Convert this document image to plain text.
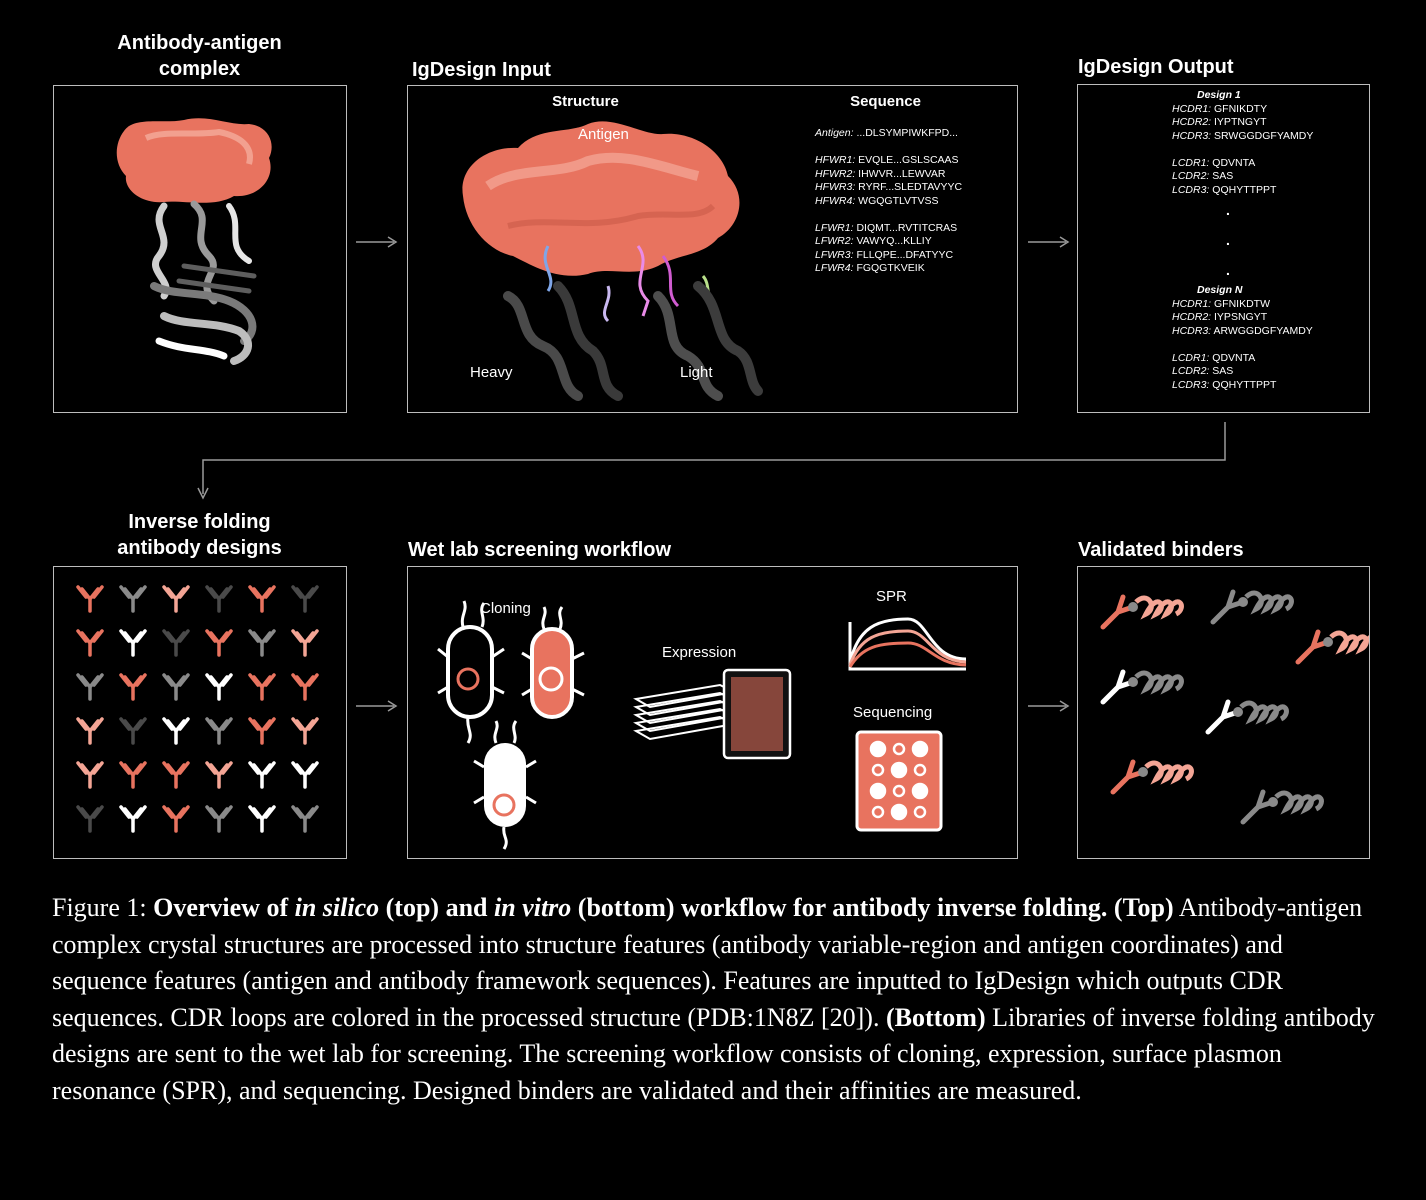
Antibody-antigen
complex	IgDesign Input
Structure	Sequence
Antigen
Heavy	Light
Antigen: ...DLSYMPIWKFPD...
HFWR1: EVQLE...GSLSCAAS
HFWR2: IHWVR...LEWVAR
HFWR3: RYRF...SLEDTAVYYC
HFWR4: WGQGTLVTVSS
LFWR1: DIQMT...RVTITCRAS
LFWR2: VAWYQ...KLLIY
LFWR3: FLLQPE...DFATYYC
LFWR4: FGQGTKVEIK
IgDesign Output
Design 1
HCDR1: GFNIKDTY
HCDR2: IYPTNGYT
HCDR3: SRWGGDGFYAMDY
LCDR1: QDVNTA
LCDR2: SAS
LCDR3: QQHYTTPPT
.
.
.
Design N
HCDR1: GFNIKDTW
HCDR2: IYPSNGYT
HCDR3: ARWGGDGFYAMDY
LCDR1: QDVNTA
LCDR2: SAS
LCDR3: QQHYTTPPT
Inverse folding
antibody designs	Wet lab screening workflow
Cloning
Expression
SPR
Sequencing
Validated binders
Figure 1: Overview of in silico (top) and in vitro (bottom) workflow for antibody inverse folding. (Top) Antibody-antigen complex crystal structures are processed into structure features (antibody variable-region and antigen coordinates) and sequence features (antigen and antibody framework sequences). Features are inputted to IgDesign which outputs CDR sequences. CDR loops are colored in the processed structure (PDB:1N8Z [20]). (Bottom) Libraries of inverse folding antibody designs are sent to the wet lab for screening. The screening workflow consists of cloning, expression, surface plasmon resonance (SPR), and sequencing. Designed binders are validated and their affinities are measured.
